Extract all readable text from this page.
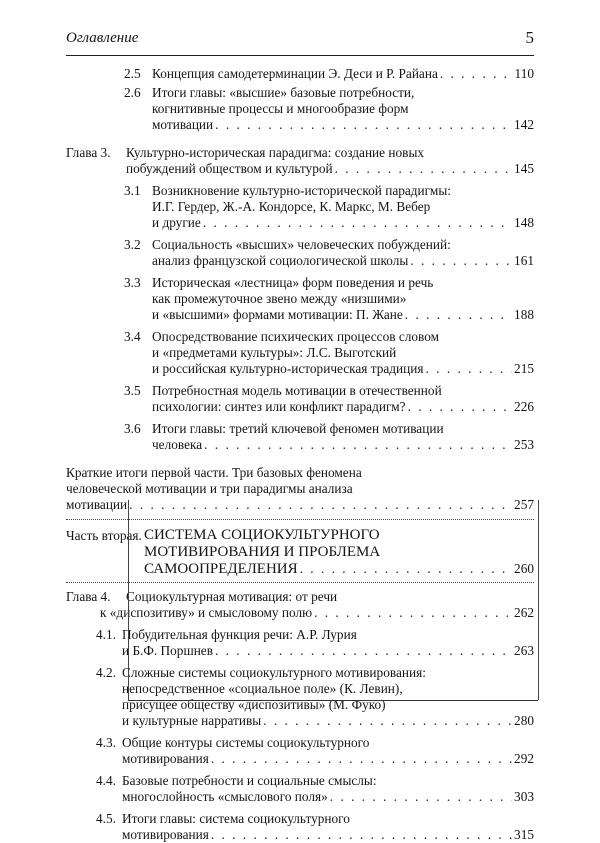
Оглавление	5
2.5 Концепция самодетерминации Э. Деси и Р. Райана . . .	110
2.6 Итоги главы: «высшие» базовые потребности,
когнитивные процессы и многообразие форм
мотивации . . .	142
Глава 3. Культурно-историческая парадигма: создание новых
побуждений обществом и культурой . . .	145
3.1 Возникновение культурно-исторической парадигмы:
И.Г. Гердер, Ж.-А. Кондорсе, К. Маркс, М. Вебер
и другие . . .	148
3.2 Социальность «высших» человеческих побуждений:
анализ французской социологической школы . . .	161
3.3 Историческая «лестница» форм поведения и речь
как промежуточное звено между «низшими»
и «высшими» формами мотивации: П. Жане . . .	188
3.4 Опосредствование психических процессов словом
и «предметами культуры»: Л.С. Выготский
и российская культурно-историческая традиция . . .	215
3.5 Потребностная модель мотивации в отечественной
психологии: синтез или конфликт парадигм? . . .	226
3.6 Итоги главы: третий ключевой феномен мотивации
человека . . .	253
Краткие итоги первой части. Три базовых феномена
человеческой мотивации и три парадигмы анализа
мотивации . . .	257
Часть вторая. СИСТЕМА СОЦИОКУЛЬТУРНОГО
МОТИВИРОВАНИЯ И ПРОБЛЕМА
САМООПРЕДЕЛЕНИЯ . . .	260
Глава 4. Социокультурная мотивация: от речи
к «диспозитиву» и смысловому полю . . .	262
4.1. Побудительная функция речи: А.Р. Лурия
и Б.Ф. Поршнев . . .	263
4.2. Сложные системы социокультурного мотивирования:
непосредственное «социальное поле» (К. Левин),
присущее обществу «диспозитивы» (М. Фуко)
и культурные нарративы . . .	280
4.3. Общие контуры системы социокультурного
мотивирования . . .	292
4.4. Базовые потребности и социальные смыслы:
многослойность «смыслового поля» . . .	303
4.5. Итоги главы: система социокультурного
мотивирования . . .	315
